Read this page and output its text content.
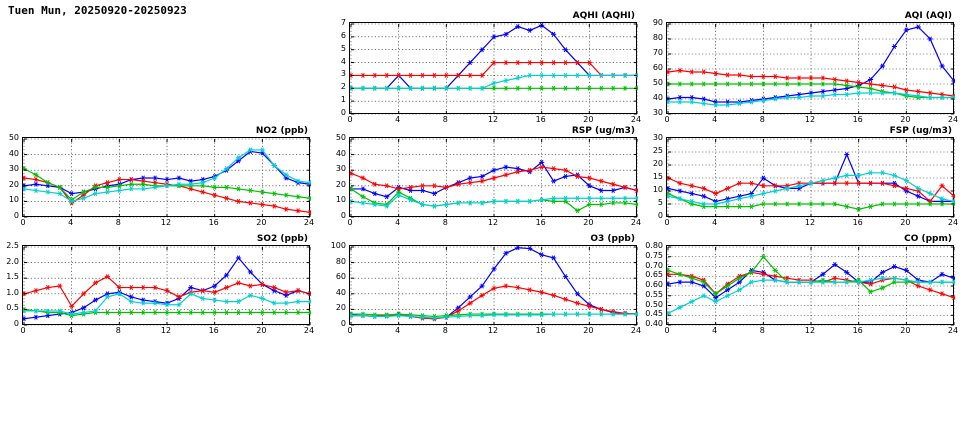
Tuen Mun, 20250920-20250923	AQHI (AQHI)
0	4	8	12	16	20	24
0
1
2
3
4
5
6
7
AQI (AQI)
0	4	8	12	16	20	24
30
40
50
60
70
80
90
NO2 (ppb)
0	4	8	12	16	20	24
0
10
20
30
40
50
RSP (ug/m3)
0	4	8	12	16	20	24
0
10
20
30
40
50
FSP (ug/m3)
0	4	8	12	16	20	24
0
5
10
15
20
25
30
SO2 (ppb)
0	4	8	12	16	20	24
0
0.5
1.0
1.5
2.0
2.5
O3 (ppb)
0	4	8	12	16	20	24
0
20
40
60
80
100
CO (ppm)
0	4	8	12	16	20	24
0.40
0.45
0.50
0.55
0.60
0.65
0.70
0.75
0.80
